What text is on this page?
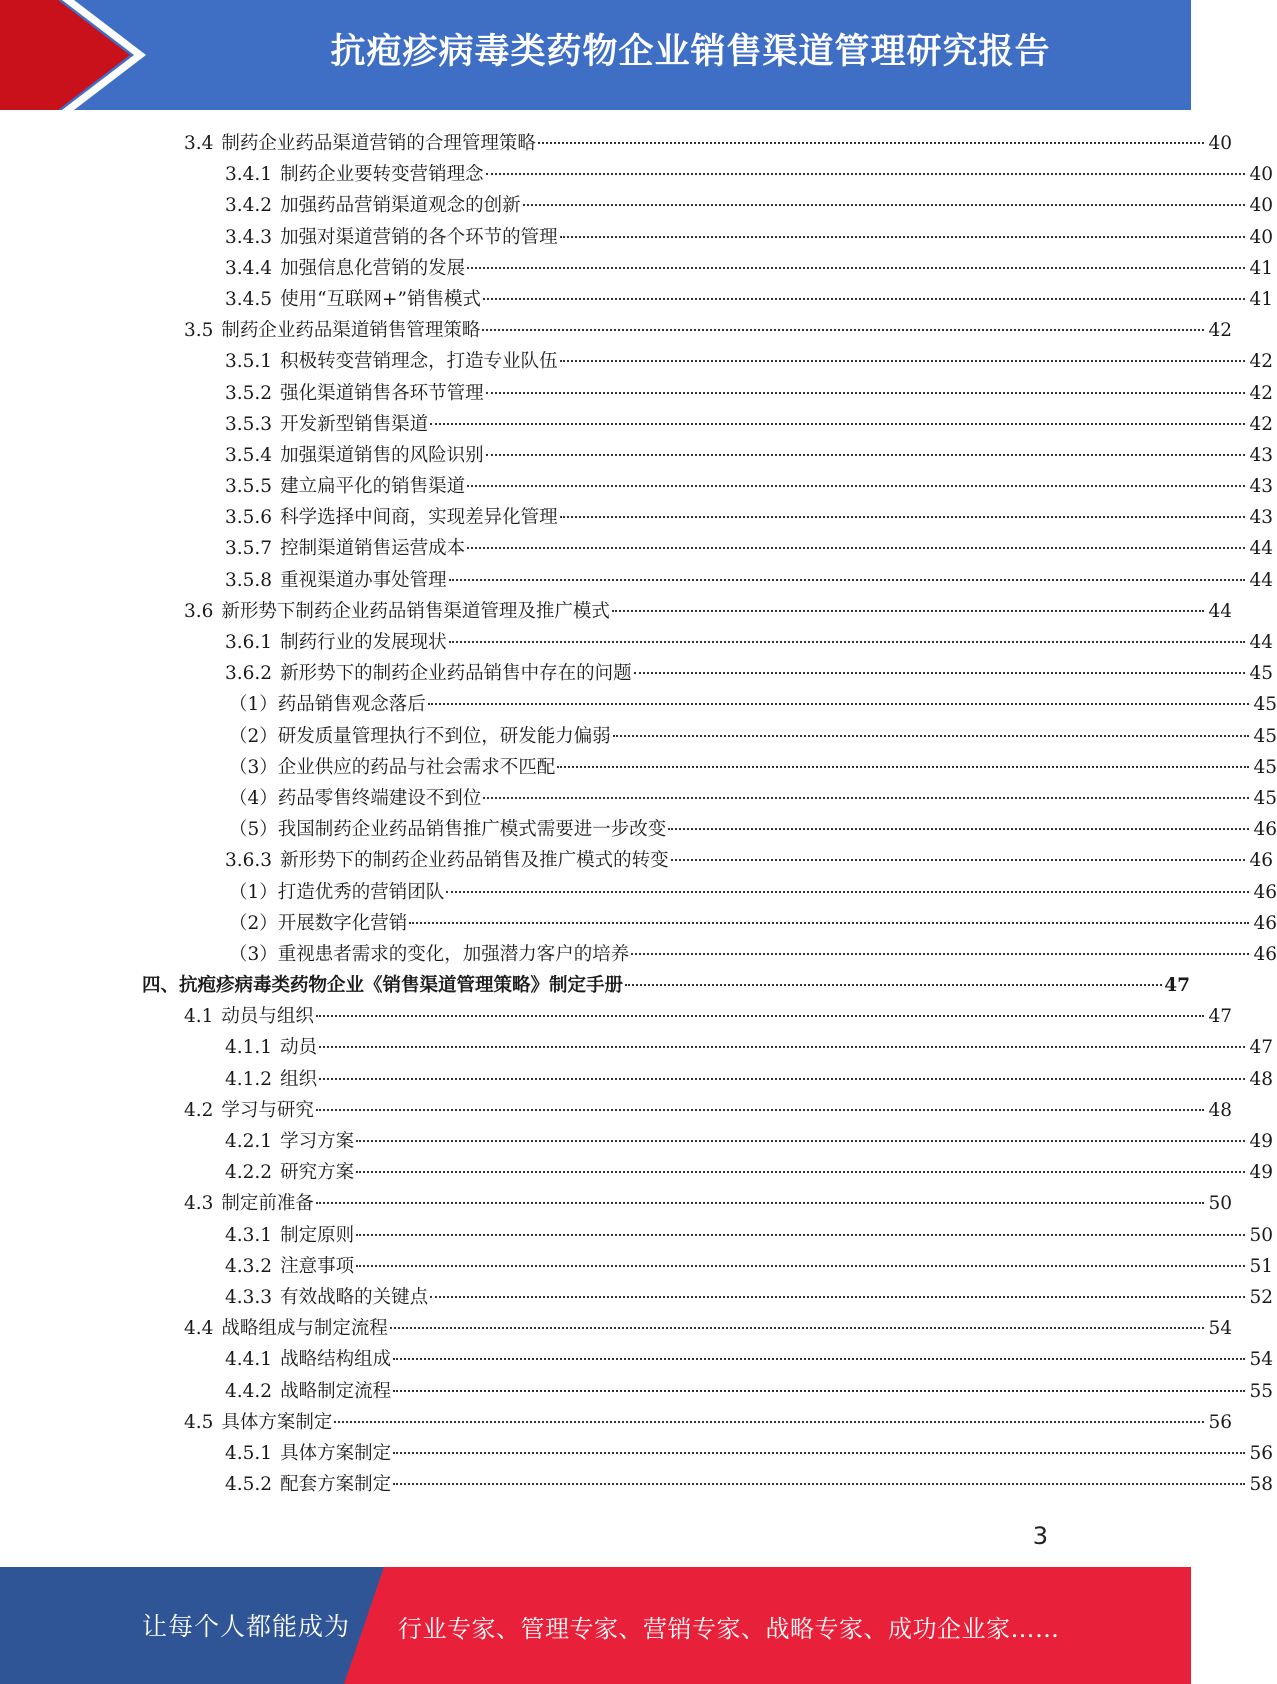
抗疱疹病毒类药物企业销售渠道管理研究报告
3.4 制药企业药品渠道营销的合理管理策略	40
3.4.1 制药企业要转变营销理念	40
3.4.2 加强药品营销渠道观念的创新	40
3.4.3 加强对渠道营销的各个环节的管理	40
3.4.4 加强信息化营销的发展	41
3.4.5 使用“互联网+”销售模式	41
3.5 制药企业药品渠道销售管理策略	42
3.5.1 积极转变营销理念，打造专业队伍	42
3.5.2 强化渠道销售各环节管理	42
3.5.3 开发新型销售渠道	42
3.5.4 加强渠道销售的风险识别	43
3.5.5 建立扁平化的销售渠道	43
3.5.6 科学选择中间商，实现差异化管理	43
3.5.7 控制渠道销售运营成本	44
3.5.8 重视渠道办事处管理	44
3.6 新形势下制药企业药品销售渠道管理及推广模式	44
3.6.1 制药行业的发展现状	44
3.6.2 新形势下的制药企业药品销售中存在的问题	45
（1） 药品销售观念落后	45
（2） 研发质量管理执行不到位，研发能力偏弱	45
（3） 企业供应的药品与社会需求不匹配	45
（4） 药品零售终端建设不到位	45
（5） 我国制药企业药品销售推广模式需要进一步改变	46
3.6.3 新形势下的制药企业药品销售及推广模式的转变	46
（1） 打造优秀的营销团队	46
（2） 开展数字化营销	46
（3） 重视患者需求的变化，加强潜力客户的培养	46
四、 抗疱疹病毒类药物企业《销售渠道管理策略》制定手册	47
4.1 动员与组织	47
4.1.1 动员	47
4.1.2 组织	48
4.2 学习与研究	48
4.2.1 学习方案	49
4.2.2 研究方案	49
4.3 制定前准备	50
4.3.1 制定原则	50
4.3.2 注意事项	51
4.3.3 有效战略的关键点	52
4.4 战略组成与制定流程	54
4.4.1 战略结构组成	54
4.4.2 战略制定流程	55
4.5 具体方案制定	56
4.5.1 具体方案制定	56
4.5.2 配套方案制定	58
3
让每个人都能成为 行业专家、管理专家、营销专家、战略专家、成功企业家……
